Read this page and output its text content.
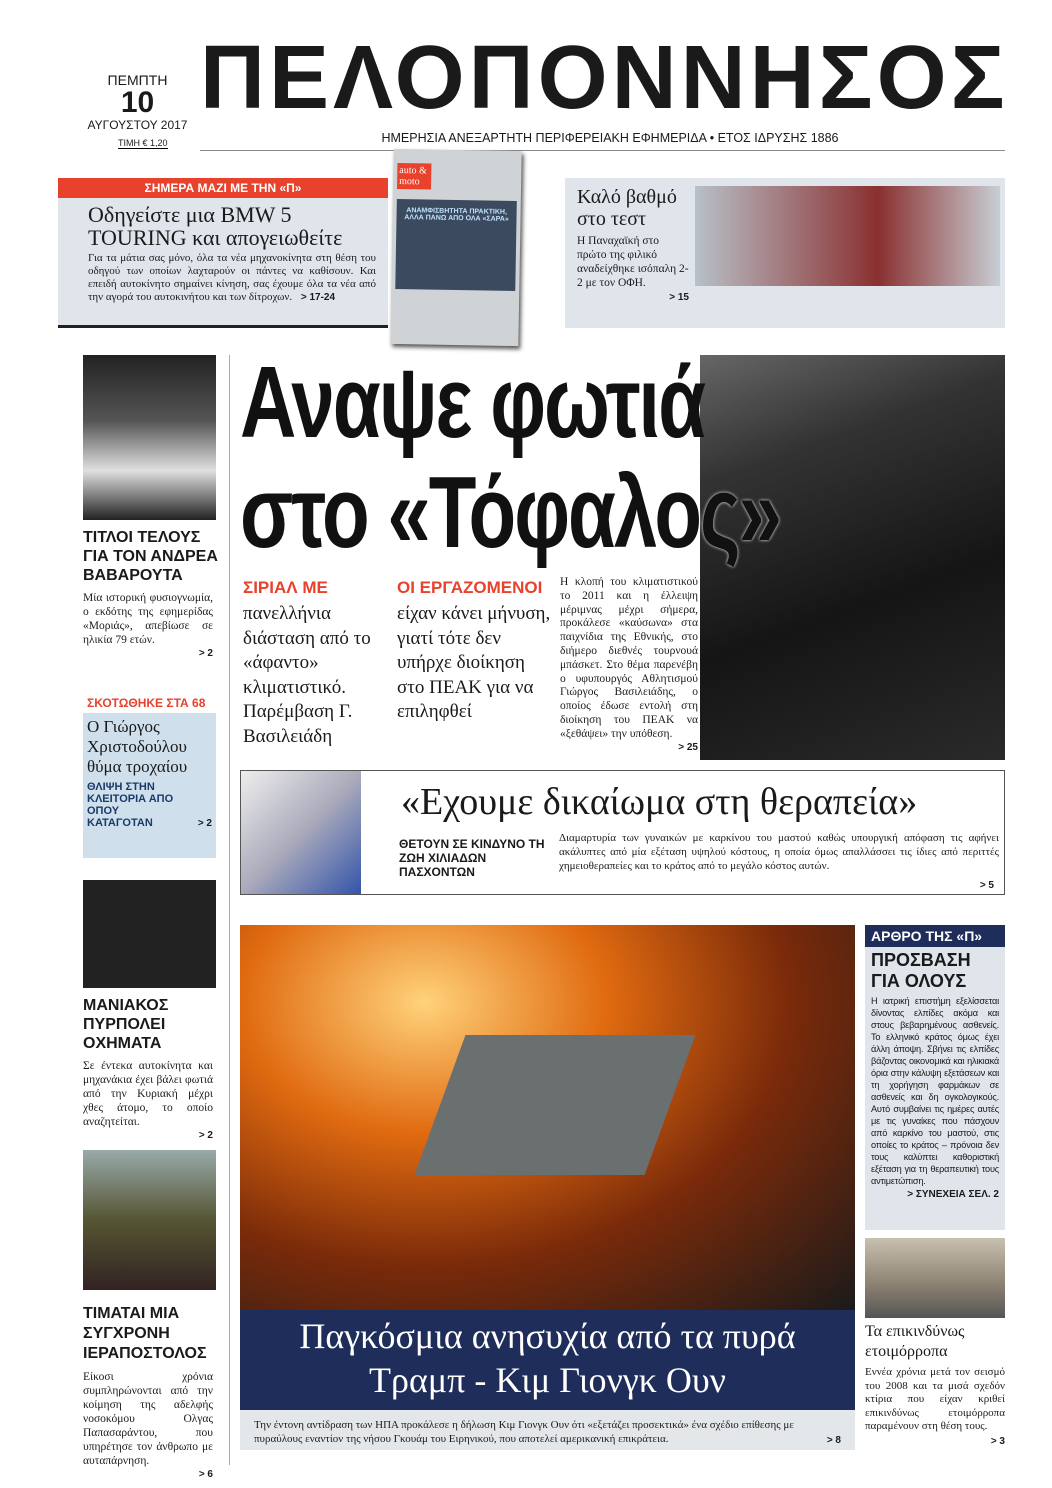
ΠΕΜΠΤΗ
10
ΑΥΓΟΥΣΤΟΥ 2017
ΤΙΜΗ € 1,20
ΠΕΛΟΠΟΝΝΗΣΟΣ
ΗΜΕΡΗΣΙΑ ΑΝΕΞΑΡΤΗΤΗ ΠΕΡΙΦΕΡΕΙΑΚΗ ΕΦΗΜΕΡΙΔΑ • ΕΤΟΣ ΙΔΡΥΣΗΣ 1886
ΣΗΜΕΡΑ ΜΑΖΙ ΜΕ ΤΗΝ «Π»
Οδηγείστε μια BMW 5 TOURING και απογειωθείτε
Για τα μάτια σας μόνο, όλα τα νέα μηχανοκίνητα στη θέση του οδηγού των οποίων λαχταρούν οι πάντες να καθίσουν. Και επειδή αυτοκίνητο σημαίνει κίνηση, σας έχουμε όλα τα νέα από την αγορά του αυτοκινήτου και των δίτροχων. > 17-24
auto & moto
ΑΝΑΜΦΙΣΒΗΤΗΤΑ ΠΡΑΚΤΙΚΗ, ΑΛΛΑ ΠΑΝΩ ΑΠΟ ΟΛΑ «ΣΑΡΑ»
Καλό βαθμό στο τεστ
Η Παναχαϊκή στο πρώτο της φιλικό αναδείχθηκε ισόπαλη 2-2 με τον ΟΦΗ.
> 15
ΤΙΤΛΟΙ ΤΕΛΟΥΣ ΓΙΑ ΤΟΝ ΑΝΔΡΕΑ ΒΑΒΑΡΟΥΤΑ
Μία ιστορική φυσιογνωμία, ο εκδότης της εφημερίδας «Μοριάς», απεβίωσε σε ηλικία 79 ετών.
> 2
ΣΚΟΤΩΘΗΚΕ ΣΤΑ 68
Ο Γιώργος Χριστοδούλου θύμα τροχαίου
ΘΛΙΨΗ ΣΤΗΝ ΚΛΕΙΤΟΡΙΑ ΑΠΟ ΟΠΟΥ ΚΑΤΑΓΟΤΑΝ	> 2
ΜΑΝΙΑΚΟΣ ΠΥΡΠΟΛΕΙ ΟΧΗΜΑΤΑ
Σε έντεκα αυτοκίνητα και μηχανάκια έχει βάλει φωτιά από την Κυριακή μέχρι χθες άτομο, το οποίο αναζητείται.
> 2
ΤΙΜΑΤΑΙ ΜΙΑ ΣΥΓΧΡΟΝΗ ΙΕΡΑΠΟΣΤΟΛΟΣ
Είκοσι χρόνια συμπληρώνονται από την κοίμηση της αδελφής νοσοκόμου Ολγας Παπασαράντου, που υπηρέτησε τον άνθρωπο με αυταπάρνηση.
> 6
Αναψε φωτιά
στο «Τόφαλος»
ΣΙΡΙΑΛ ΜΕ
πανελλήνια διάσταση από το «άφαντο» κλιματιστικό. Παρέμβαση Γ. Βασιλειάδη
ΟΙ ΕΡΓΑΖΟΜΕΝΟΙ
είχαν κάνει μήνυση, γιατί τότε δεν υπήρχε διοίκηση στο ΠΕΑΚ για να επιληφθεί
Η κλοπή του κλιματιστικού το 2011 και η έλλειψη μέριμνας μέχρι σήμερα, προκάλεσε «καύσωνα» στα παιχνίδια της Εθνικής, στο διήμερο διεθνές τουρνουά μπάσκετ. Στο θέμα παρενέβη ο υφυπουργός Αθλητισμού Γιώργος Βασιλειάδης, ο οποίος έδωσε εντολή στη διοίκηση του ΠΕΑΚ να «ξεθάψει» την υπόθεση.
> 25
«Εχουμε δικαίωμα στη θεραπεία»
ΘΕΤΟΥΝ ΣΕ ΚΙΝΔΥΝΟ ΤΗ ΖΩΗ ΧΙΛΙΑΔΩΝ ΠΑΣΧΟΝΤΩΝ
Διαμαρτυρία των γυναικών με καρκίνου του μαστού καθώς υπουργική απόφαση τις αφήνει ακάλυπτες από μία εξέταση υψηλού κόστους, η οποία όμως απαλλάσσει τις ίδιες από περιττές χημειοθεραπείες και το κράτος από το μεγάλο κόστος αυτών.
> 5
Παγκόσμια ανησυχία από τα πυρά Τραμπ - Κιμ Γιονγκ Ουν
Την έντονη αντίδραση των ΗΠΑ προκάλεσε η δήλωση Κιμ Γιονγκ Ουν ότι «εξετάζει προσεκτικά» ένα σχέδιο επίθεσης με πυραύλους εναντίον της νήσου Γκουάμ του Ειρηνικού, που αποτελεί αμερικανική επικράτεια.	> 8
ΑΡΘΡΟ ΤΗΣ «Π»
ΠΡΟΣΒΑΣΗ ΓΙΑ ΟΛΟΥΣ
Η ιατρική επιστήμη εξελίσσεται δίνοντας ελπίδες ακόμα και στους βεβαρημένους ασθενείς. Το ελληνικό κράτος όμως έχει άλλη άποψη. Σβήνει τις ελπίδες βάζοντας οικονομικά και ηλικιακά όρια στην κάλυψη εξετάσεων και τη χορήγηση φαρμάκων σε ασθενείς και δη ογκολογικούς. Αυτό συμβαίνει τις ημέρες αυτές με τις γυναίκες που πάσχουν από καρκίνο του μαστού, στις οποίες το κράτος – πρόνοια δεν τους καλύπτει καθοριστική εξέταση για τη θεραπευτική τους αντιμετώπιση.
> ΣΥΝΕΧΕΙΑ ΣΕΛ. 2
Τα επικινδύνως ετοιμόρροπα
Εννέα χρόνια μετά τον σεισμό του 2008 και τα μισά σχεδόν κτίρια που είχαν κριθεί επικινδύνως ετοιμόρροπα παραμένουν στη θέση τους.
> 3
